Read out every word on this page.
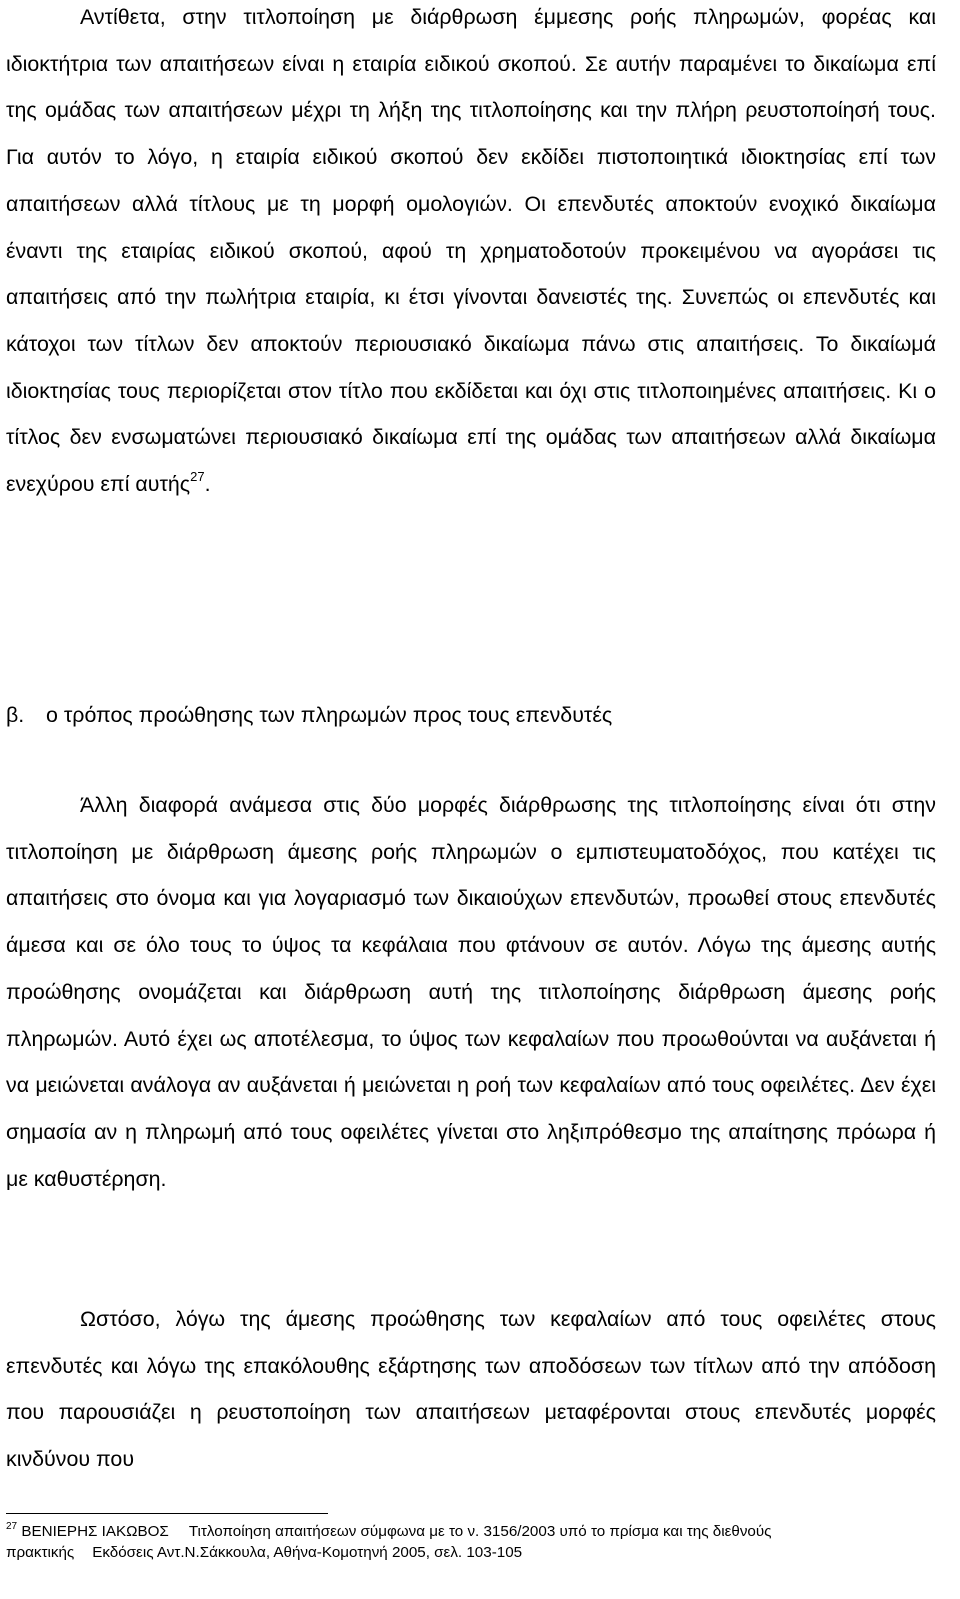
Αντίθετα, στην τιτλοποίηση με διάρθρωση έμμεσης ροής πληρωμών, φορέας και ιδιοκτήτρια των απαιτήσεων είναι η εταιρία ειδικού σκοπού. Σε αυτήν παραμένει το δικαίωμα επί της ομάδας των απαιτήσεων μέχρι τη λήξη της τιτλοποίησης και την πλήρη ρευστοποίησή τους. Για αυτόν το λόγο, η εταιρία ειδικού σκοπού δεν εκδίδει πιστοποιητικά ιδιοκτησίας επί των απαιτήσεων αλλά τίτλους με τη μορφή ομολογιών. Οι επενδυτές αποκτούν ενοχικό δικαίωμα έναντι της εταιρίας ειδικού σκοπού, αφού τη χρηματοδοτούν προκειμένου να αγοράσει τις απαιτήσεις από την πωλήτρια εταιρία, κι έτσι γίνονται δανειστές της. Συνεπώς οι επενδυτές και κάτοχοι των τίτλων δεν αποκτούν περιουσιακό δικαίωμα πάνω στις απαιτήσεις. Το δικαίωμά ιδιοκτησίας τους περιορίζεται στον τίτλο που εκδίδεται και όχι στις τιτλοποιημένες απαιτήσεις. Κι ο τίτλος δεν ενσωματώνει περιουσιακό δικαίωμα επί της ομάδας των απαιτήσεων αλλά δικαίωμα ενεχύρου επί αυτής$^{27}$.

β. ο τρόπος προώθησης των πληρωμών προς τους επενδυτές

Άλλη διαφορά ανάμεσα στις δύο μορφές διάρθρωσης της τιτλοποίησης είναι ότι στην τιτλοποίηση με διάρθρωση άμεσης ροής πληρωμών ο εμπιστευματοδόχος, που κατέχει τις απαιτήσεις στο όνομα και για λογαριασμό των δικαιούχων επενδυτών, προωθεί στους επενδυτές άμεσα και σε όλο τους το ύψος τα κεφάλαια που φτάνουν σε αυτόν. Λόγω της άμεσης αυτής προώθησης ονομάζεται και διάρθρωση αυτή της τιτλοποίησης διάρθρωση άμεσης ροής πληρωμών. Αυτό έχει ως αποτέλεσμα, το ύψος των κεφαλαίων που προωθούνται να αυξάνεται ή να μειώνεται ανάλογα αν αυξάνεται ή μειώνεται η ροή των κεφαλαίων από τους οφειλέτες. Δεν έχει σημασία αν η πληρωμή από τους οφειλέτες γίνεται στο ληξιπρόθεσμο της απαίτησης πρόωρα ή με καθυστέρηση.

Ωστόσο, λόγω της άμεσης προώθησης των κεφαλαίων από τους οφειλέτες στους επενδυτές και λόγω της επακόλουθης εξάρτησης των αποδόσεων των τίτλων από την απόδοση που παρουσιάζει η ρευστοποίηση των απαιτήσεων μεταφέρονται στους επενδυτές μορφές κινδύνου που

$^{27}$ ΒΕΝΙΕΡΗΣ ΙΑΚΩΒΟΣ Τιτλοποίηση απαιτήσεων σύμφωνα με το ν. 3156/2003 υπό το πρίσμα και της διεθνούς
πρακτικής Εκδόσεις Αντ.Ν.Σάκκουλα, Αθήνα-Κομοτηνή 2005, σελ. 103-105
